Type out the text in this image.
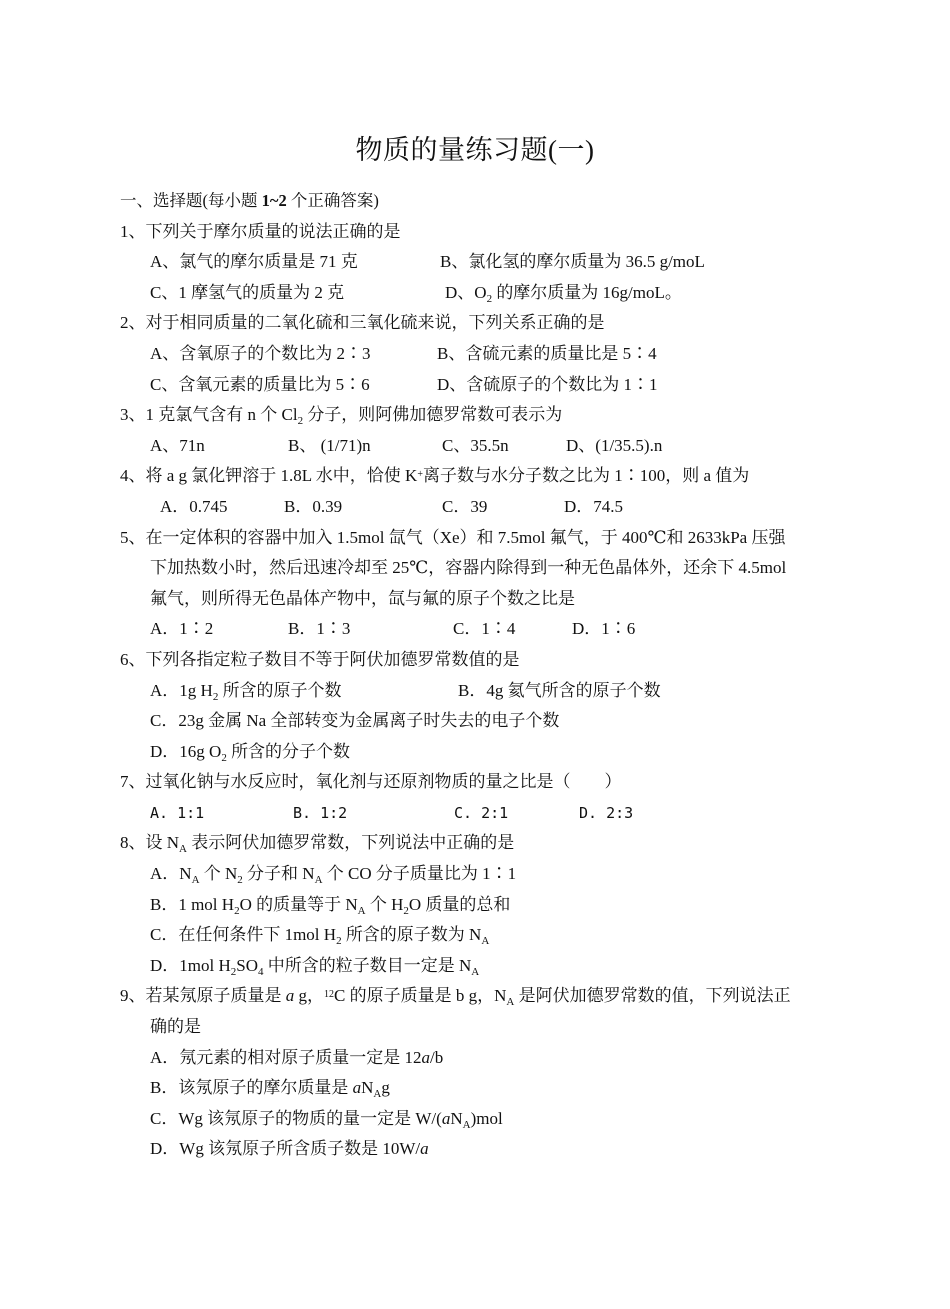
物质的量练习题(一)
一、选择题(每小题 1~2 个正确答案)
1、下列关于摩尔质量的说法正确的是
A、氯气的摩尔质量是 71 克	B、氯化氢的摩尔质量为 36.5 g/moL
C、1 摩氢气的质量为 2 克	D、$O_2$ 的摩尔质量为 16g/moL。
2、对于相同质量的二氧化硫和三氧化硫来说，下列关系正确的是
A、含氧原子的个数比为 2∶3	B、含硫元素的质量比是 5∶4
C、含氧元素的质量比为 5∶6	D、含硫原子的个数比为 1∶1
3、1 克氯气含有 n 个 $Cl_2$ 分子，则阿佛加德罗常数可表示为
A、71n	B、 (1/71)n	C、35.5n	D、(1/35.5).n
4、将 a g 氯化钾溶于 1.8L 水中，恰使 K+离子数与水分子数之比为 1∶100，则 a 值为
A．0.745	B．0.39	C．39	D．74.5
5、在一定体积的容器中加入 1.5mol 氙气（Xe）和 7.5mol 氟气，于 400℃和 2633kPa 压强
下加热数小时，然后迅速冷却至 25℃，容器内除得到一种无色晶体外，还余下 4.5mol
氟气，则所得无色晶体产物中，氙与氟的原子个数之比是
A．1∶2	B．1∶3	C．1∶4	D．1∶6
6、下列各指定粒子数目不等于阿伏加德罗常数值的是
A．1g $H_2$ 所含的原子个数	B．4g 氦气所含的原子个数
C．23g 金属 Na 全部转变为金属离子时失去的电子个数
D．16g $O_2$ 所含的分子个数
7、过氧化钠与水反应时，氧化剂与还原剂物质的量之比是（　　）
A. 1:1	B. 1:2	C. 2:1	D. 2:3
8、设 $N_A$ 表示阿伏加德罗常数，下列说法中正确的是
A．$N_A$ 个 $N_2$ 分子和 $N_A$ 个 CO 分子质量比为 1∶1
B．1 mol $H_2O$ 的质量等于 $N_A$ 个 $H_2O$ 质量的总和
C．在任何条件下 1mol $H_2$ 所含的原子数为 $N_A$
D．1mol $H_2SO_4$ 中所含的粒子数目一定是 $N_A$
9、若某氖原子质量是 a g，$^{12}$C 的原子质量是 b g，$N_A$ 是阿伏加德罗常数的值，下列说法正
确的是
A．氖元素的相对原子质量一定是 12a/b
B．该氖原子的摩尔质量是 $aN_Ag$
C．Wg 该氖原子的物质的量一定是 $W/(aN_A)mol$
D．Wg 该氖原子所含质子数是 10W/a
